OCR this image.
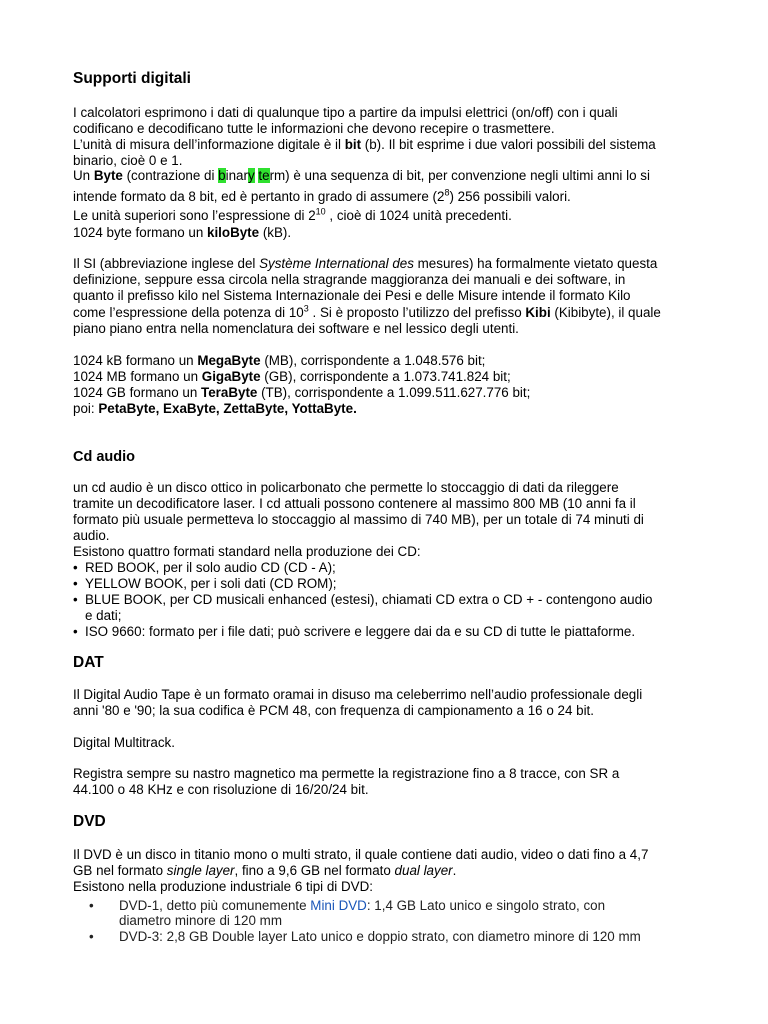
Supporti digitali
I calcolatori esprimono i dati di qualunque tipo a partire da impulsi elettrici (on/off) con i quali
codificano e decodificano tutte le informazioni che devono recepire o trasmettere.
L’unità di misura dell’informazione digitale è il bit (b). Il bit esprime i due valori possibili del sistema
binario, cioè 0 e 1.
Un Byte (contrazione di binary term) è una sequenza di bit, per convenzione negli ultimi anni lo si
intende formato da 8 bit, ed è pertanto in grado di assumere $(2^8)$ 256 possibili valori.
Le unità superiori sono l’espressione di $2^{10}$ , cioè di 1024 unità precedenti.
1024 byte formano un kiloByte (kB).
Il SI (abbreviazione inglese del Système International des mesures) ha formalmente vietato questa
definizione, seppure essa circola nella stragrande maggioranza dei manuali e dei software, in
quanto il prefisso kilo nel Sistema Internazionale dei Pesi e delle Misure intende il formato Kilo
come l’espressione della potenza di $10^3$ . Si è proposto l’utilizzo del prefisso Kibi (Kibibyte), il quale
piano piano entra nella nomenclatura dei software e nel lessico degli utenti.
1024 kB formano un MegaByte (MB), corrispondente a 1.048.576 bit;
1024 MB formano un GigaByte (GB), corrispondente a 1.073.741.824 bit;
1024 GB formano un TeraByte (TB), corrispondente a 1.099.511.627.776 bit;
poi: PetaByte, ExaByte, ZettaByte, YottaByte.
Cd audio
un cd audio è un disco ottico in policarbonato che permette lo stoccaggio di dati da rileggere
tramite un decodificatore laser. I cd attuali possono contenere al massimo 800 MB (10 anni fa il
formato più usuale permetteva lo stoccaggio al massimo di 740 MB), per un totale di 74 minuti di
audio.
Esistono quattro formati standard nella produzione dei CD:
• RED BOOK, per il solo audio CD (CD - A);
• YELLOW BOOK, per i soli dati (CD ROM);
• BLUE BOOK, per CD musicali enhanced (estesi), chiamati CD extra o CD + - contengono audio
e dati;
• ISO 9660: formato per i file dati; può scrivere e leggere dai da e su CD di tutte le piattaforme.
DAT
Il Digital Audio Tape è un formato oramai in disuso ma celeberrimo nell’audio professionale degli
anni '80 e '90; la sua codifica è PCM 48, con frequenza di campionamento a 16 o 24 bit.
Digital Multitrack.
Registra sempre su nastro magnetico ma permette la registrazione fino a 8 tracce, con SR a
44.100 o 48 KHz e con risoluzione di 16/20/24 bit.
DVD
Il DVD è un disco in titanio mono o multi strato, il quale contiene dati audio, video o dati fino a 4,7
GB nel formato single layer, fino a 9,6 GB nel formato dual layer.
Esistono nella produzione industriale 6 tipi di DVD:
• DVD-1, detto più comunemente Mini DVD: 1,4 GB Lato unico e singolo strato, con
diametro minore di 120 mm
• DVD-3: 2,8 GB Double layer Lato unico e doppio strato, con diametro minore di 120 mm
